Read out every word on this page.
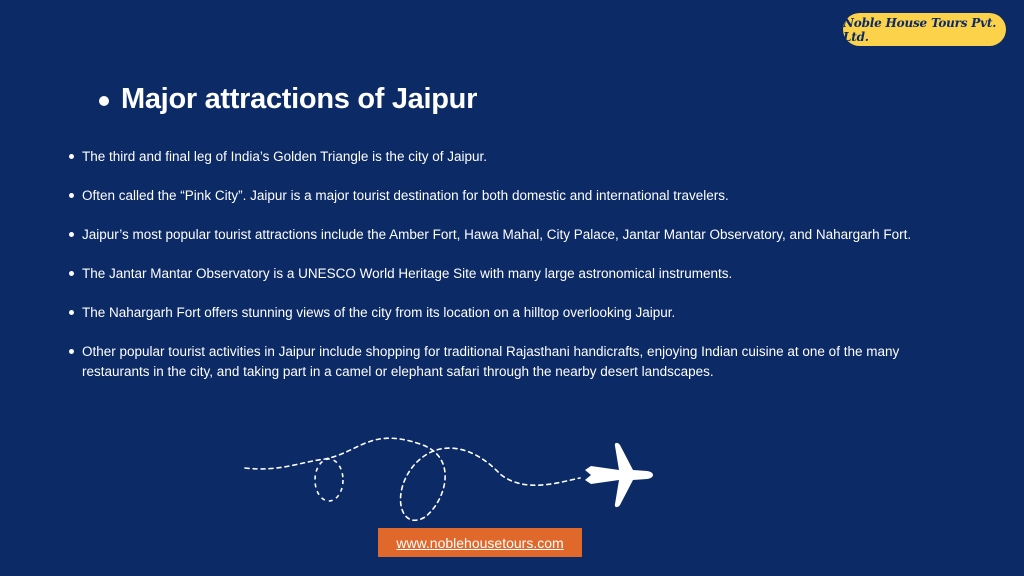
Noble House Tours Pvt. Ltd.
Major attractions of Jaipur
The third and final leg of India’s Golden Triangle is the city of Jaipur.
Often called the “Pink City”. Jaipur is a major tourist destination for both domestic and international travelers.
Jaipur’s most popular tourist attractions include the Amber Fort, Hawa Mahal, City Palace, Jantar Mantar Observatory, and Nahargarh Fort.
The Jantar Mantar Observatory is a UNESCO World Heritage Site with many large astronomical instruments.
The Nahargarh Fort offers stunning views of the city from its location on a hilltop overlooking Jaipur.
Other popular tourist activities in Jaipur include shopping for traditional Rajasthani handicrafts, enjoying Indian cuisine at one of the many restaurants in the city, and taking part in a camel or elephant safari through the nearby desert landscapes.
www.noblehousetours.com
